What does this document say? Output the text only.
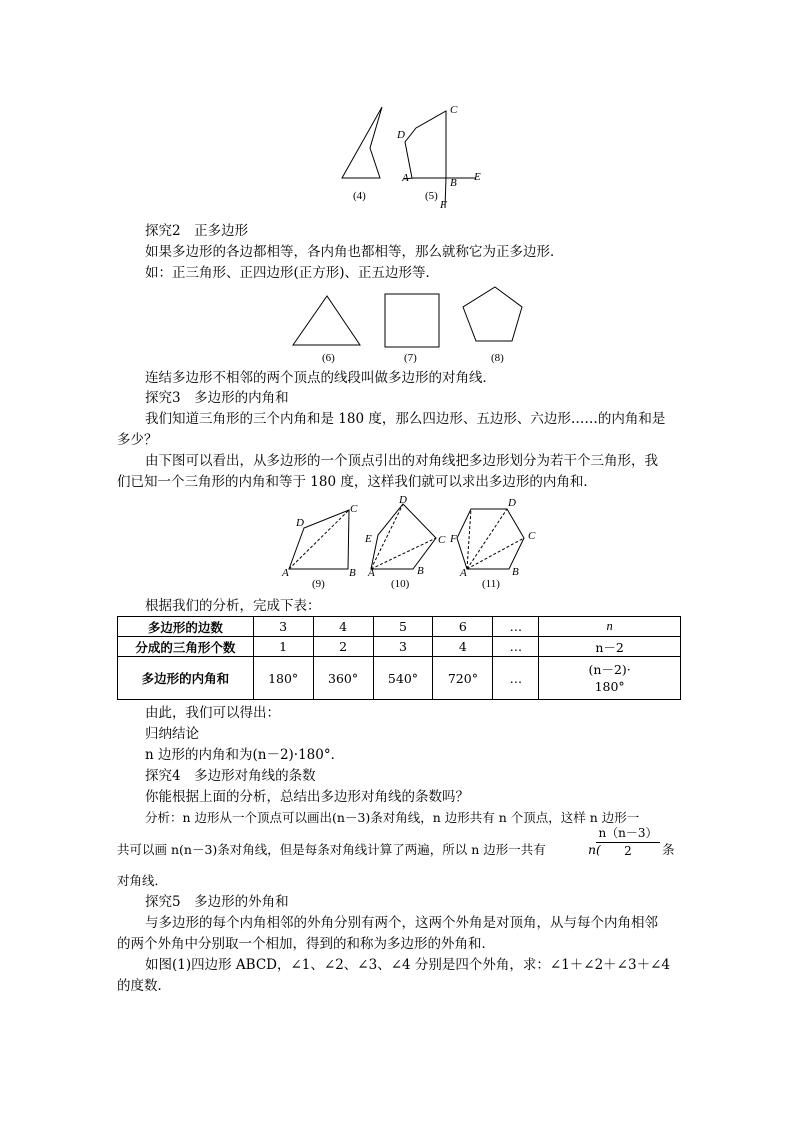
D
C
A	B E
F
(4)	(5)
探究2　正多边形
如果多边形的各边都相等，各内角也都相等，那么就称它为正多边形．
如：正三角形、正四边形(正方形)、正五边形等．
(6)	(7)	(8)
连结多边形不相邻的两个顶点的线段叫做多边形的对角线．
探究3　多边形的内角和
我们知道三角形的三个内角和是 180 度，那么四边形、五边形、六边形……的内角和是
多少？
由下图可以看出，从多边形的一个顶点引出的对角线把多边形划分为若干个三角形，我
们已知一个三角形的内角和等于 180 度，这样我们就可以求出多边形的内角和．
D
C
A	B
D
E	C
A	B
D
F	C
A	B
(9)	(10)	(11)
根据我们的分析，完成下表：
多边形的边数	3	4	5	6	…	n
分成的三角形个数	1	2	3	4	…	n－2
多边形的内角和	180°	360°	540°	720°	…	(n－2)·
180°
由此，我们可以得出：
归纳结论
n 边形的内角和为(n－2)·180°．
探究4　多边形对角线的条数
你能根据上面的分析，总结出多边形对角线的条数吗？
分析：n 边形从一个顶点可以画出(n－3)条对角线，n 边形共有 n 个顶点，这样 n 边形一
共可以画 n(n－3)条对角线，但是每条对角线计算了两遍，所以 n 边形一共有
n（n－3）
2
n(	条
对角线．
探究5　多边形的外角和
与多边形的每个内角相邻的外角分别有两个，这两个外角是对顶角，从与每个内角相邻
的两个外角中分别取一个相加，得到的和称为多边形的外角和．
如图(1)四边形 ABCD，∠1、∠2、∠3、∠4 分别是四个外角，求：∠1＋∠2＋∠3＋∠4
的度数．
